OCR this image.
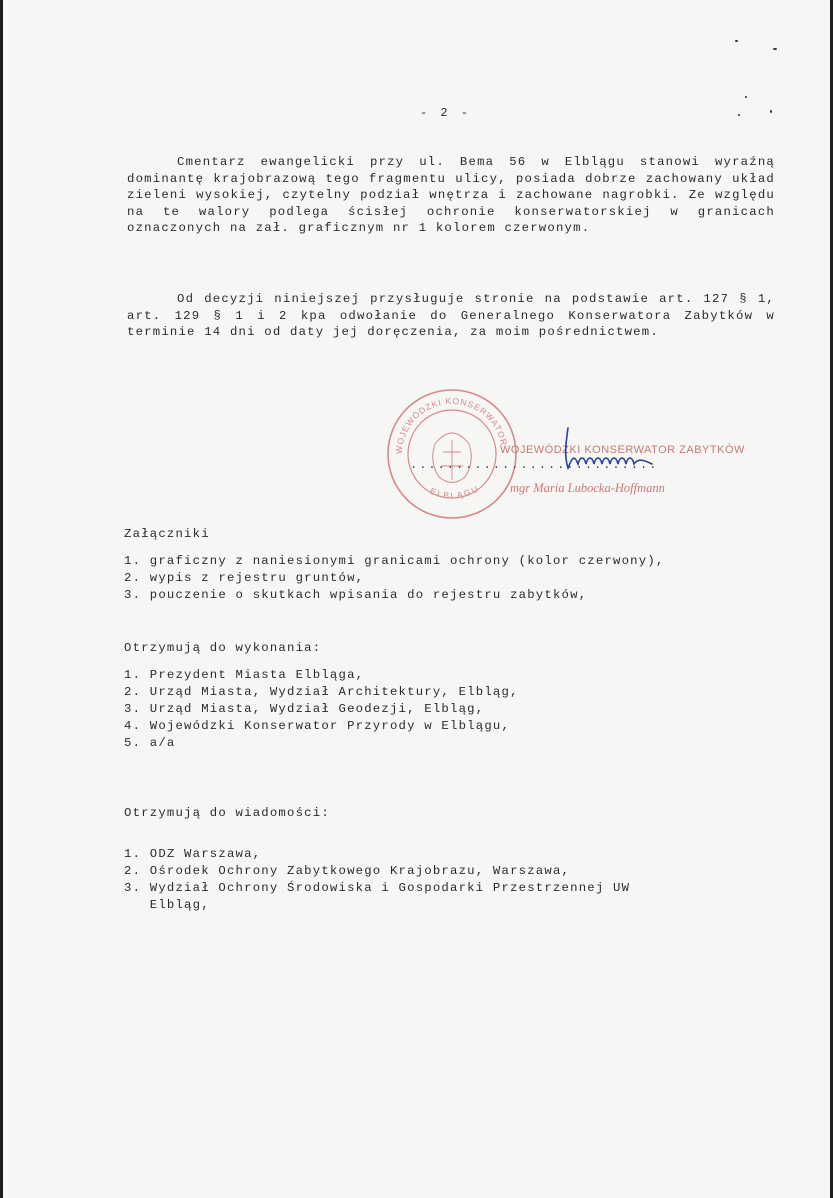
- 2 -

Cmentarz ewangelicki przy ul. Bema 56 w Elblągu stanowi wyraźną dominantę krajobrazową tego fragmentu ulicy, posiada dobrze zachowany układ zieleni wysokiej, czytelny podział wnętrza i zachowane nagrobki. Ze względu na te walory podlega ścisłej ochronie konserwatorskiej w granicach oznaczonych na zał. graficznym nr 1 kolorem czerwonym.

Od decyzji niniejszej przysługuje stronie na podstawie art. 127 § 1, art. 129 § 1 i 2 kpa odwołanie do Generalnego Konserwatora Zabytków w terminie 14 dni od daty jej doręczenia, za moim pośrednictwem.

WOJEWÓDZKI KONSERWATOR
ELBLĄGU
...........................
WOJEWÓDZKI KONSERWATOR ZABYTKÓW
mgr Maria Lubocka-Hoffmann
Załączniki
1. graficzny z naniesionymi granicami ochrony (kolor czerwony),
2. wypis z rejestru gruntów,
3. pouczenie o skutkach wpisania do rejestru zabytków,
Otrzymują do wykonania:
1. Prezydent Miasta Elbląga,
2. Urząd Miasta, Wydział Architektury, Elbląg,
3. Urząd Miasta, Wydział Geodezji, Elbląg,
4. Wojewódzki Konserwator Przyrody w Elblągu,
5. a/a
Otrzymują do wiadomości:
1. ODZ Warszawa,
2. Ośrodek Ochrony Zabytkowego Krajobrazu, Warszawa,
3. Wydział Ochrony Środowiska i Gospodarki Przestrzennej UW
Elbląg,
